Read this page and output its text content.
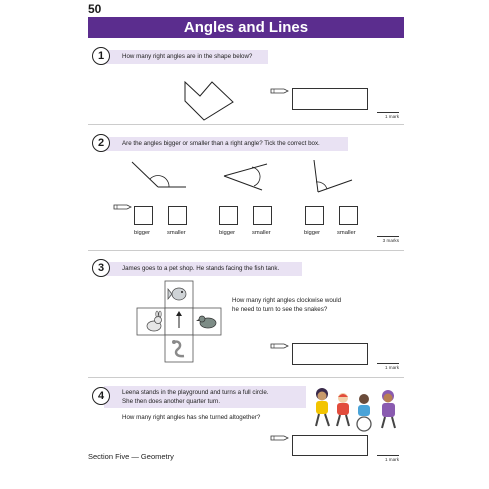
50
Angles and Lines
1	How many right angles are in the shape below?
1 mark
2	Are the angles bigger or smaller than a right angle? Tick the correct box.
bigger	smaller	bigger	smaller	bigger	smaller
3 marks
3	James goes to a pet shop. He stands facing the fish tank.
How many right angles clockwise would
he need to turn to see the snakes?
1 mark
4	Leena stands in the playground and turns a full circle.
She then does another quarter turn.
How many right angles has she turned altogether?
1 mark
Section Five — Geometry
